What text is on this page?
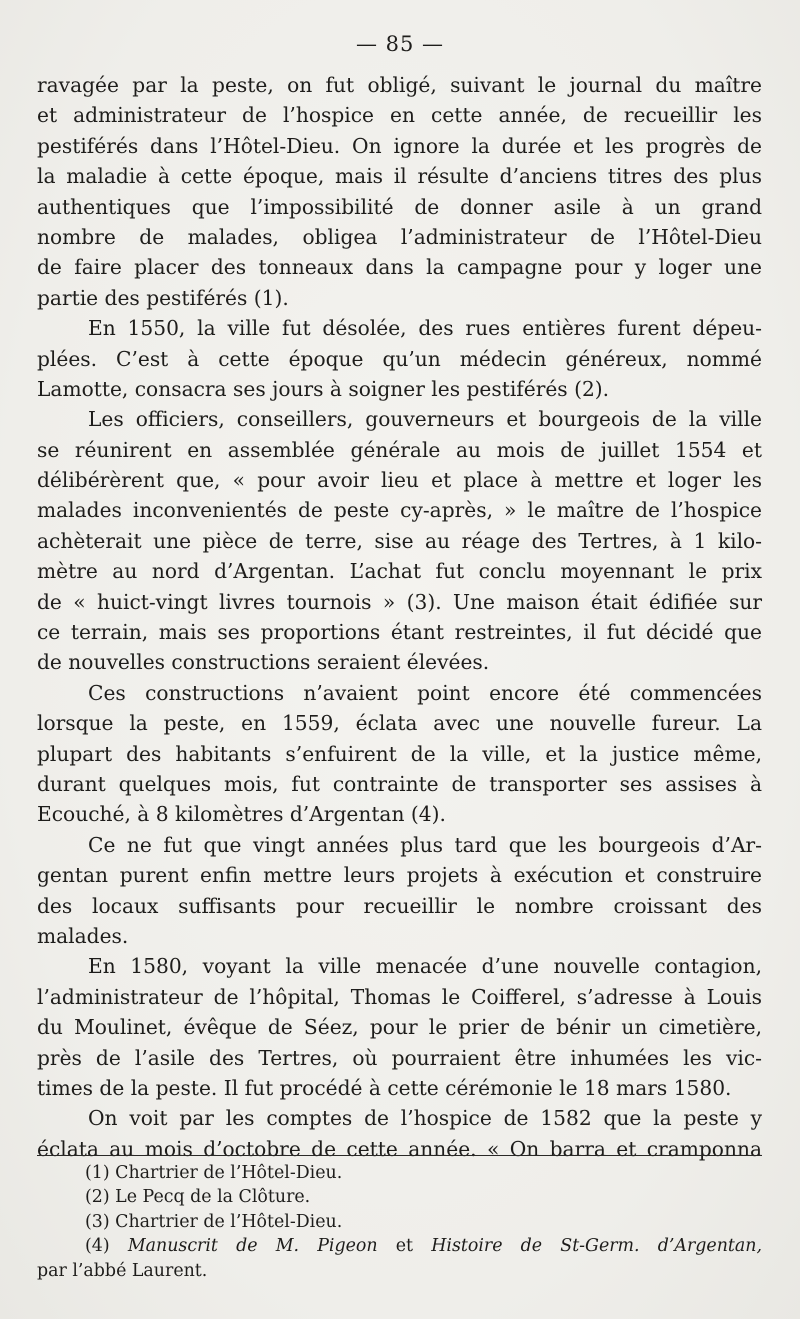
— 85 —
ravagée par la peste, on fut obligé, suivant le journal du maître
et administrateur de l’hospice en cette année, de recueillir les
pestiférés dans l’Hôtel-Dieu. On ignore la durée et les progrès de
la maladie à cette époque, mais il résulte d’anciens titres des plus
authentiques que l’impossibilité de donner asile à un grand
nombre de malades, obligea l’administrateur de l’Hôtel-Dieu
de faire placer des tonneaux dans la campagne pour y loger une
partie des pestiférés (1).
En 1550, la ville fut désolée, des rues entières furent dépeu-
plées. C’est à cette époque qu’un médecin généreux, nommé
Lamotte, consacra ses jours à soigner les pestiférés (2).
Les officiers, conseillers, gouverneurs et bourgeois de la ville
se réunirent en assemblée générale au mois de juillet 1554 et
délibérèrent que, « pour avoir lieu et place à mettre et loger les
malades inconvenientés de peste cy-après, » le maître de l’hospice
achèterait une pièce de terre, sise au réage des Tertres, à 1 kilo-
mètre au nord d’Argentan. L’achat fut conclu moyennant le prix
de « huict-vingt livres tournois » (3). Une maison était édifiée sur
ce terrain, mais ses proportions étant restreintes, il fut décidé que
de nouvelles constructions seraient élevées.
Ces constructions n’avaient point encore été commencées
lorsque la peste, en 1559, éclata avec une nouvelle fureur. La
plupart des habitants s’enfuirent de la ville, et la justice même,
durant quelques mois, fut contrainte de transporter ses assises à
Ecouché, à 8 kilomètres d’Argentan (4).
Ce ne fut que vingt années plus tard que les bourgeois d’Ar-
gentan purent enfin mettre leurs projets à exécution et construire
des locaux suffisants pour recueillir le nombre croissant des
malades.
En 1580, voyant la ville menacée d’une nouvelle contagion,
l’administrateur de l’hôpital, Thomas le Coifferel, s’adresse à Louis
du Moulinet, évêque de Séez, pour le prier de bénir un cimetière,
près de l’asile des Tertres, où pourraient être inhumées les vic-
times de la peste. Il fut procédé à cette cérémonie le 18 mars 1580.
On voit par les comptes de l’hospice de 1582 que la peste y
éclata au mois d’octobre de cette année. « On barra et cramponna
(1) Chartrier de l’Hôtel-Dieu.
(2) Le Pecq de la Clôture.
(3) Chartrier de l’Hôtel-Dieu.
(4) Manuscrit de M. Pigeon et Histoire de St-Germ. d’Argentan,
par l’abbé Laurent.
